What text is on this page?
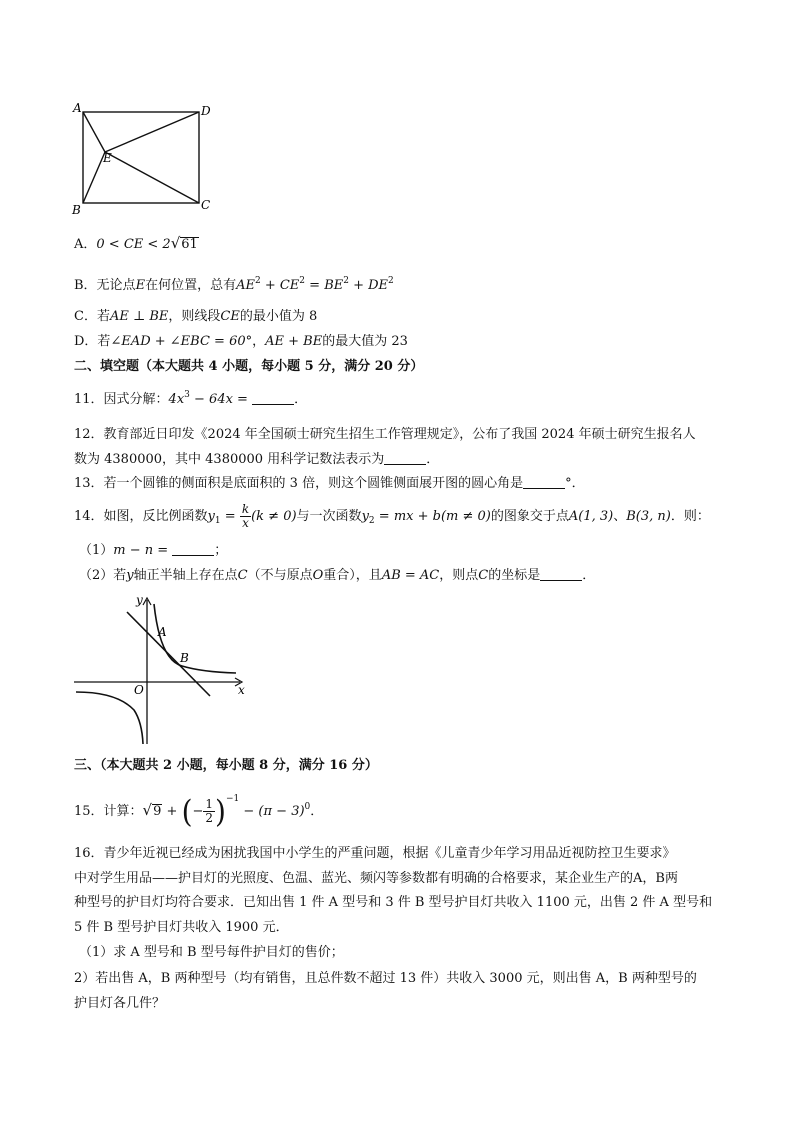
A	D
E
B	C
A．0 < CE < 2√61
B．无论点E在何位置，总有$AE^2 + CE^2 = BE^2 + DE^2$
C．若AE ⊥ BE，则线段CE的最小值为 8
D．若∠EAD + ∠EBC = 60°，AE + BE的最大值为 23
二、填空题（本大题共 4 小题，每小题 5 分，满分 20 分）
11．因式分解：$4x^3 - 64x$ =	．
12．教育部近日印发《2024 年全国硕士研究生招生工作管理规定》，公布了我国 2024 年硕士研究生报名人
数为 4380000，其中 4380000 用科学记数法表示为	．
13．若一个圆锥的侧面积是底面积的 3 倍，则这个圆锥侧面展开图的圆心角是	°．
14．如图，反比例函数$y_1 = \frac{k}{x} (k \ne 0)$与一次函数$y_2$ = mx + b(m ≠ 0)的图象交于点A(1, 3)、B(3, n)．则：
（1）m − n =	；
（2）若y轴正半轴上存在点C（不与原点O重合），且AB = AC，则点C的坐标是	．
y
x
O
A
B
三、（本大题共 2 小题，每小题 8 分，满分 16 分）
15．计算：√9 + (− $\frac{1}{2} )^{-1} - (\pi - 3)^0$．
16．青少年近视已经成为困扰我国中小学生的严重问题，根据《儿童青少年学习用品近视防控卫生要求》
中对学生用品——护目灯的光照度、色温、蓝光、频闪等参数都有明确的合格要求，某企业生产的A，B两
种型号的护目灯均符合要求．已知出售 1 件 A 型号和 3 件 B 型号护目灯共收入 1100 元，出售 2 件 A 型号和
5 件 B 型号护目灯共收入 1900 元．
（1）求 A 型号和 B 型号每件护目灯的售价；
2）若出售 A，B 两种型号（均有销售，且总件数不超过 13 件）共收入 3000 元，则出售 A，B 两种型号的
护目灯各几件？
